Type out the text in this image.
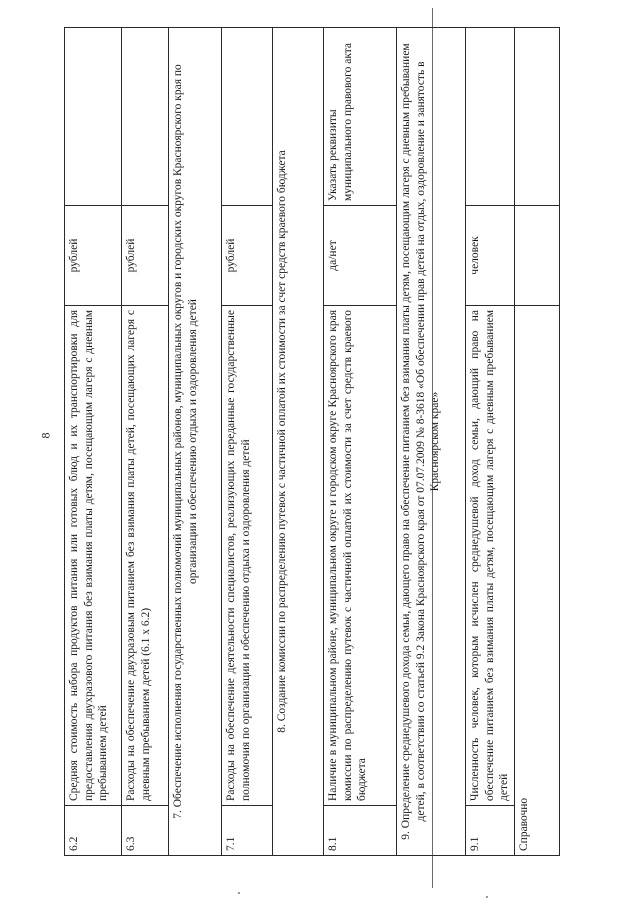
8
6.2	Средняя стоимость набора продуктов питания или готовых блюд и их транспортировки для предоставления двухразового питания без взимания платы детям, посещающим лагеря с дневным пребыванием детей	рублей	
6.3	Расходы на обеспечение двухразовым питанием без взимания платы детей, посещающих лагеря с дневным пребыванием детей (6.1 х 6.2)	рублей	
7. Обеспечение исполнения государственных полномочий муниципальных районов, муниципальных округов и городских округов Красноярского края по организации и обеспечению отдыха и оздоровления детей			
7.1	Расходы на обеспечение деятельности специалистов, реализующих переданные государственные полномочия по организации и обеспечению отдыха и оздоровления детей	рублей	
8. Создание комиссии по распределению путевок с частичной оплатой их стоимости за счет средств краевого бюджета			
8.1	Наличие в муниципальном районе, муниципальном округе и городском округе Красноярского края комиссии по распределению путевок с частичной оплатой их стоимости за счет средств краевого бюджета	да/нет	Указать реквизиты муниципального правового акта
9. Определение среднедушевого дохода семьи, дающего право на обеспечение питанием без взимания платы детям, посещающим лагеря с дневным пребыванием детей, в соответствии со статьей 9.2 Закона Красноярского края от 07.07.2009 № 8-3618 «Об обеспечении прав детей на отдых, оздоровление и занятость в Красноярском крае»			
9.1	Численность человек, которым исчислен среднедушевой доход семьи, дающий право на обеспечение питанием без взимания платы детям, посещающим лагеря с дневным пребыванием детей	человек	
Справочно			
